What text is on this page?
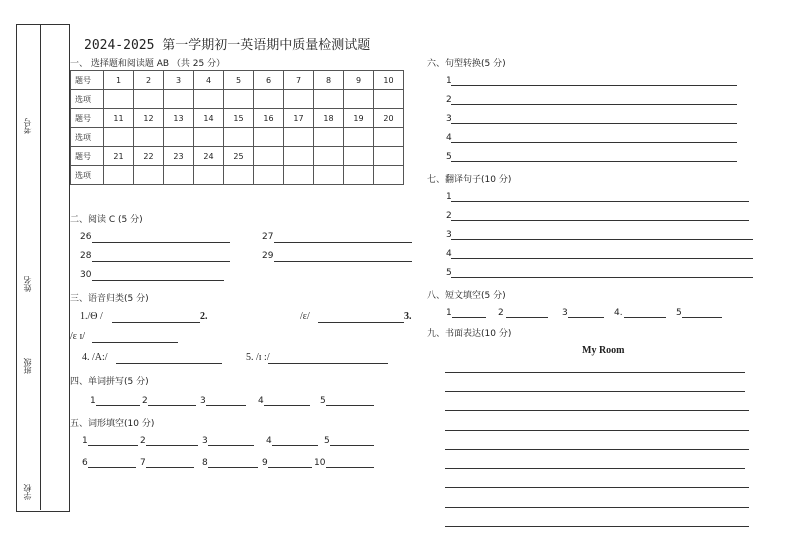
考号
姓名
班级
学校
2024-2025 第一学期初一英语期中质量检测试题
一、 选择题和阅读题 AB （共 25 分）
题号	1	2	3	4	5	6	7	8	9	10
选项										
题号	11	12	13	14	15	16	17	18	19	20
选项										
题号	21	22	23	24	25					
选项										
二、阅读 C (5 分)
26	27
28	29
30
三、语音归类(5 分)
1./Θ /	2.	/ɛ/	3.
/ɛ ɪ/
4. /A:/	5. /ɪ :/
四、单词拼写(5 分)
1	2	3	4	5
五、词形填空(10 分)
1	2	3	4	5
6	7	8	9	10
六、句型转换(5 分)
1
2
3
4
5
七、翻译句子(10 分)
1
2
3
4
5
八、短文填空(5 分)
1	2	3	4.	5
九、书面表达(10 分)
My Room
